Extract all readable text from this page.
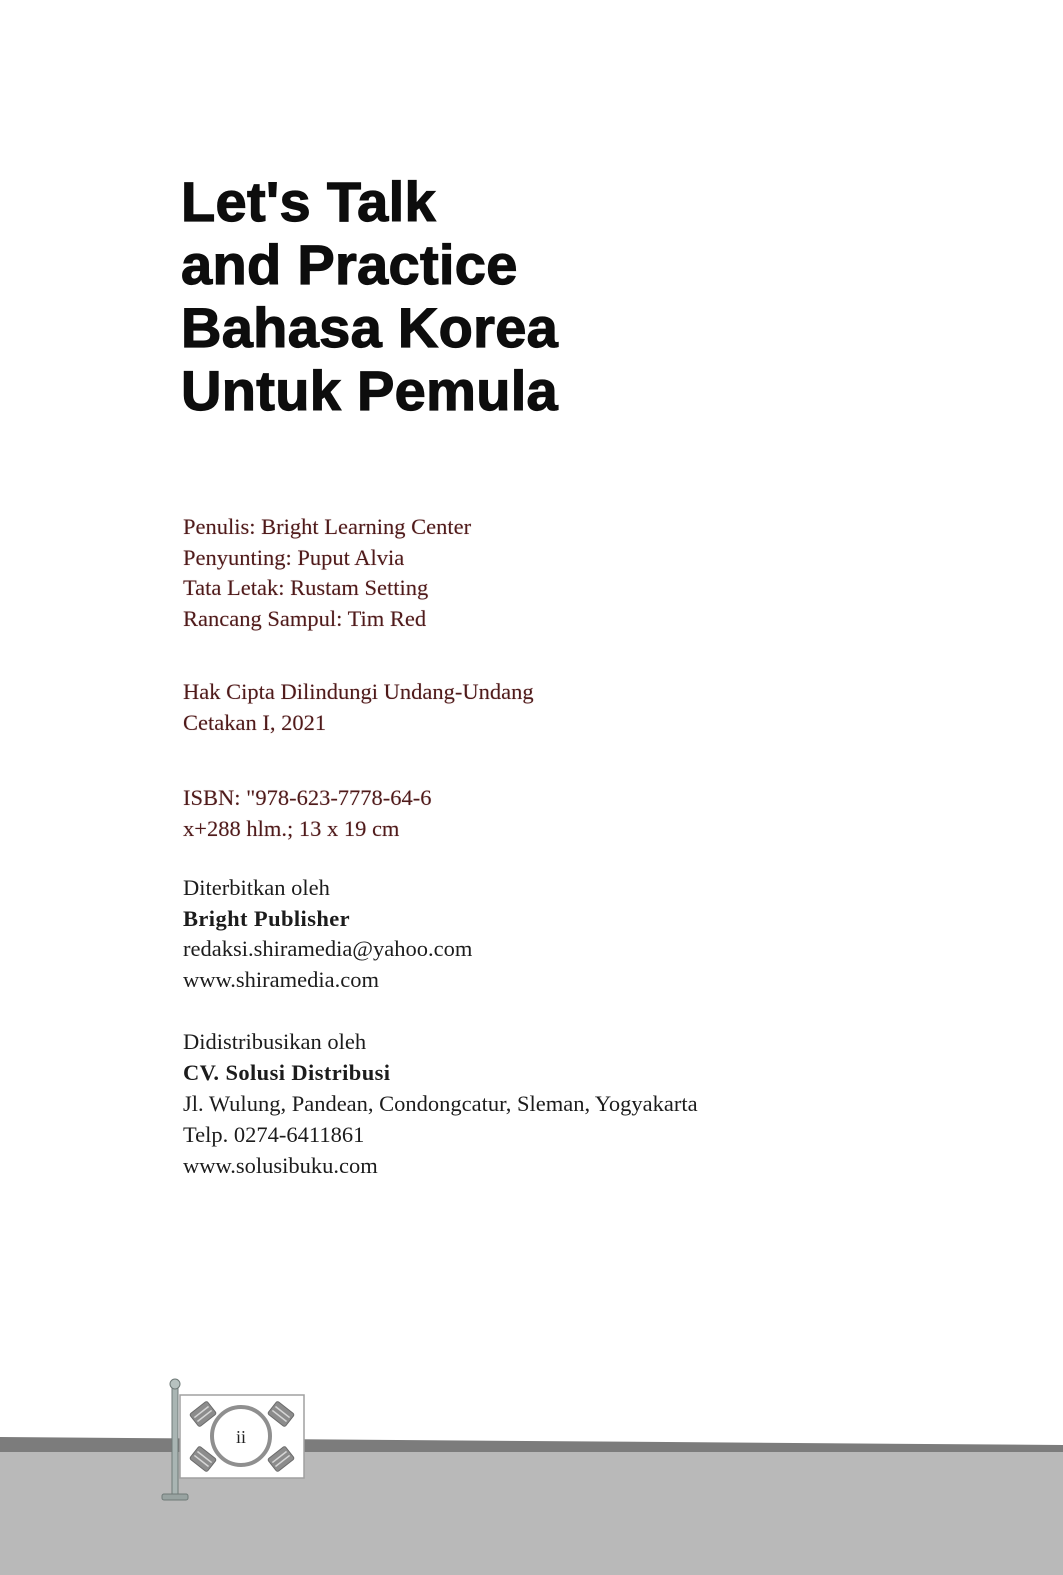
Let's Talk
and Practice
Bahasa Korea
Untuk Pemula
Penulis: Bright Learning Center
Penyunting: Puput Alvia
Tata Letak: Rustam Setting
Rancang Sampul: Tim Red
Hak Cipta Dilindungi Undang-Undang
Cetakan I, 2021
ISBN: "978-623-7778-64-6
x+288 hlm.; 13 x 19 cm
Diterbitkan oleh
Bright Publisher
redaksi.shiramedia@yahoo.com
www.shiramedia.com
Didistribusikan oleh
CV. Solusi Distribusi
Jl. Wulung, Pandean, Condongcatur, Sleman, Yogyakarta
Telp. 0274-6411861
www.solusibuku.com
ii
